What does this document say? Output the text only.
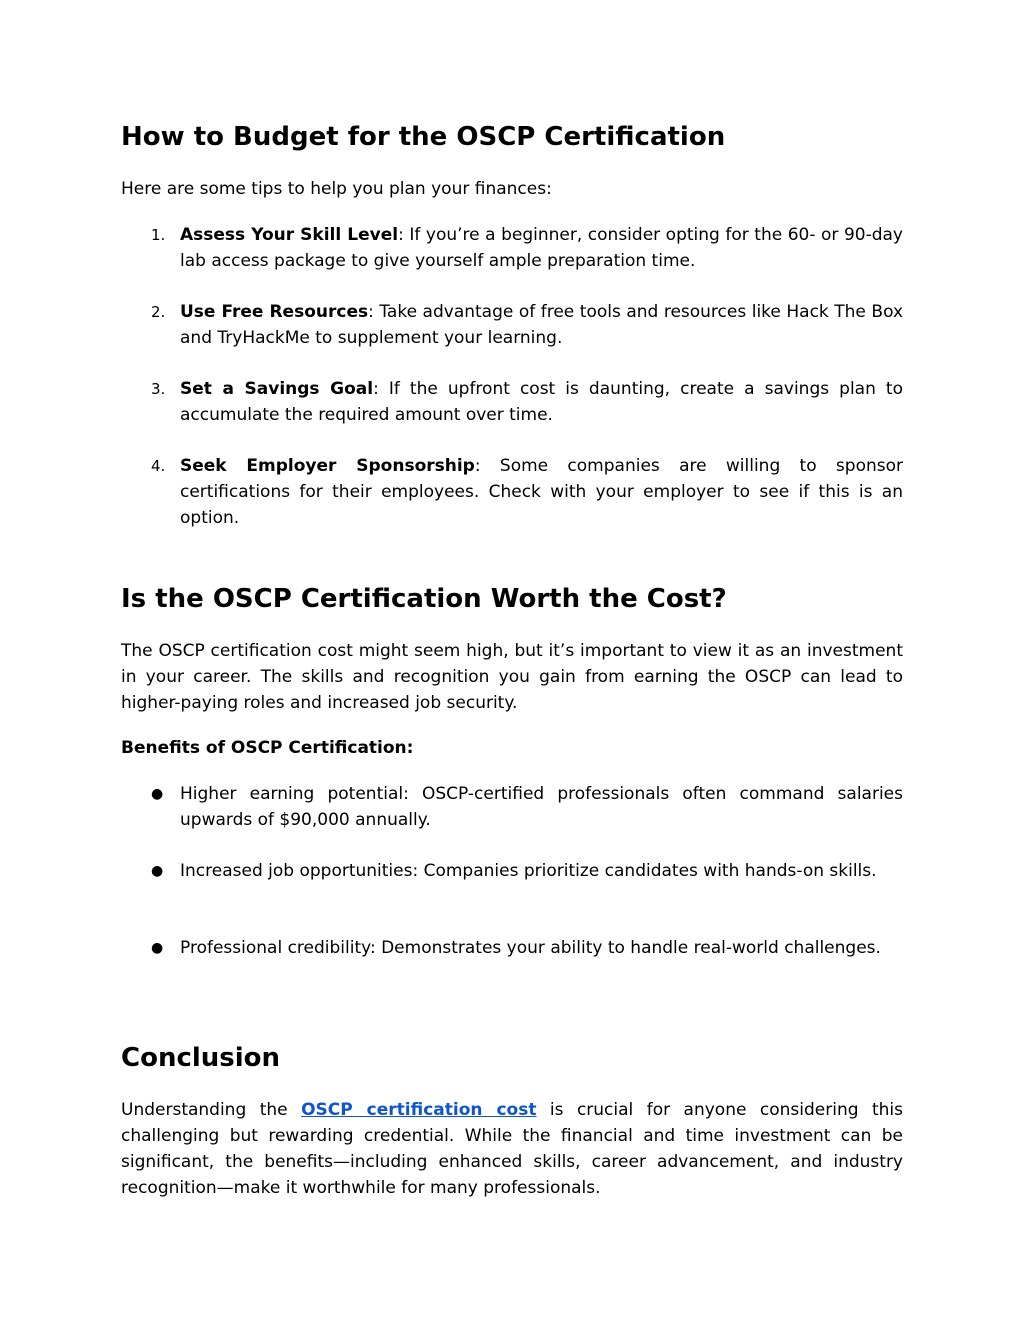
How to Budget for the OSCP Certification

Here are some tips to help you plan your finances:

1. Assess Your Skill Level: If you’re a beginner, consider opting for the 60- or 90-day lab access package to give yourself ample preparation time.
2. Use Free Resources: Take advantage of free tools and resources like Hack The Box and TryHackMe to supplement your learning.
3. Set a Savings Goal: If the upfront cost is daunting, create a savings plan to accumulate the required amount over time.
4. Seek Employer Sponsorship: Some companies are willing to sponsor certifications for their employees. Check with your employer to see if this is an option.
Is the OSCP Certification Worth the Cost?

The OSCP certification cost might seem high, but it’s important to view it as an investment in your career. The skills and recognition you gain from earning the OSCP can lead to higher-paying roles and increased job security.

Benefits of OSCP Certification:

● Higher earning potential: OSCP-certified professionals often command salaries upwards of $90,000 annually.
● Increased job opportunities: Companies prioritize candidates with hands-on skills.
● Professional credibility: Demonstrates your ability to handle real-world challenges.
Conclusion

Understanding the OSCP certification cost is crucial for anyone considering this challenging but rewarding credential. While the financial and time investment can be significant, the benefits—including enhanced skills, career advancement, and industry recognition—make it worthwhile for many professionals.
